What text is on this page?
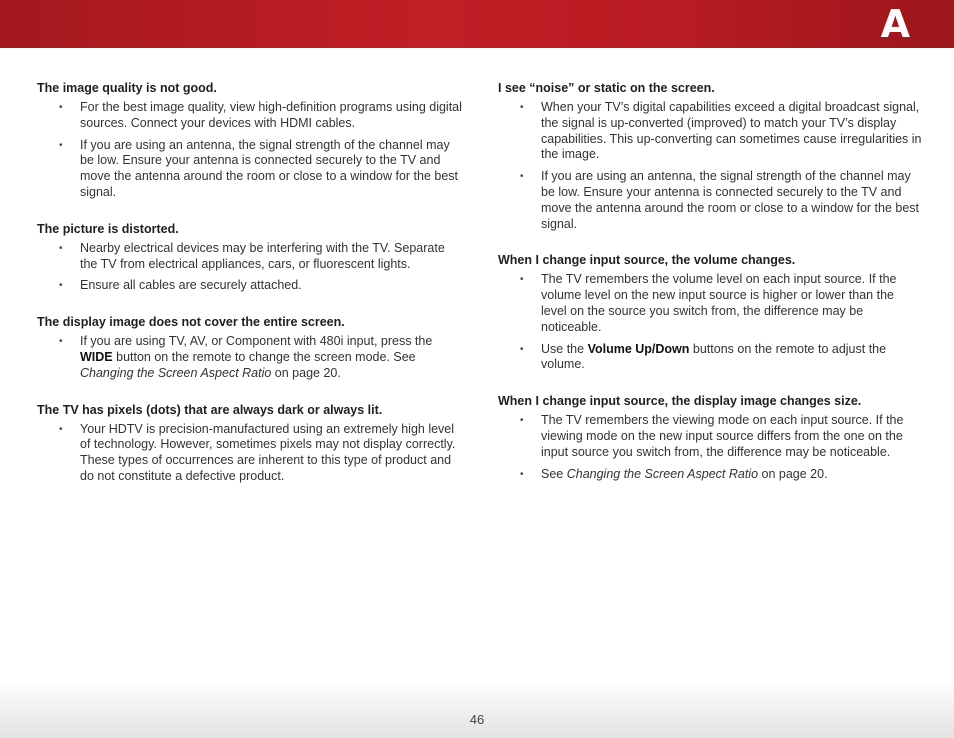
A
The image quality is not good.
• For the best image quality, view high-definition programs using digital sources. Connect your devices with HDMI cables.
• If you are using an antenna, the signal strength of the channel may be low. Ensure your antenna is connected securely to the TV and move the antenna around the room or close to a window for the best signal.
The picture is distorted.
• Nearby electrical devices may be interfering with the TV. Separate the TV from electrical appliances, cars, or fluorescent lights.
• Ensure all cables are securely attached.
The display image does not cover the entire screen.
• If you are using TV, AV, or Component with 480i input, press the WIDE button on the remote to change the screen mode. See Changing the Screen Aspect Ratio on page 20.
The TV has pixels (dots) that are always dark or always lit.
• Your HDTV is precision-manufactured using an extremely high level of technology. However, sometimes pixels may not display correctly. These types of occurrences are inherent to this type of product and do not constitute a defective product.
I see “noise” or static on the screen.
• When your TV’s digital capabilities exceed a digital broadcast signal, the signal is up-converted (improved) to match your TV’s display capabilities. This up-converting can sometimes cause irregularities in the image.
• If you are using an antenna, the signal strength of the channel may be low. Ensure your antenna is connected securely to the TV and move the antenna around the room or close to a window for the best signal.
When I change input source, the volume changes.
• The TV remembers the volume level on each input source. If the volume level on the new input source is higher or lower than the level on the source you switch from, the difference may be noticeable.
• Use the Volume Up/Down buttons on the remote to adjust the volume.
When I change input source, the display image changes size.
• The TV remembers the viewing mode on each input source. If the viewing mode on the new input source differs from the one on the input source you switch from, the difference may be noticeable.
• See Changing the Screen Aspect Ratio on page 20.
46
